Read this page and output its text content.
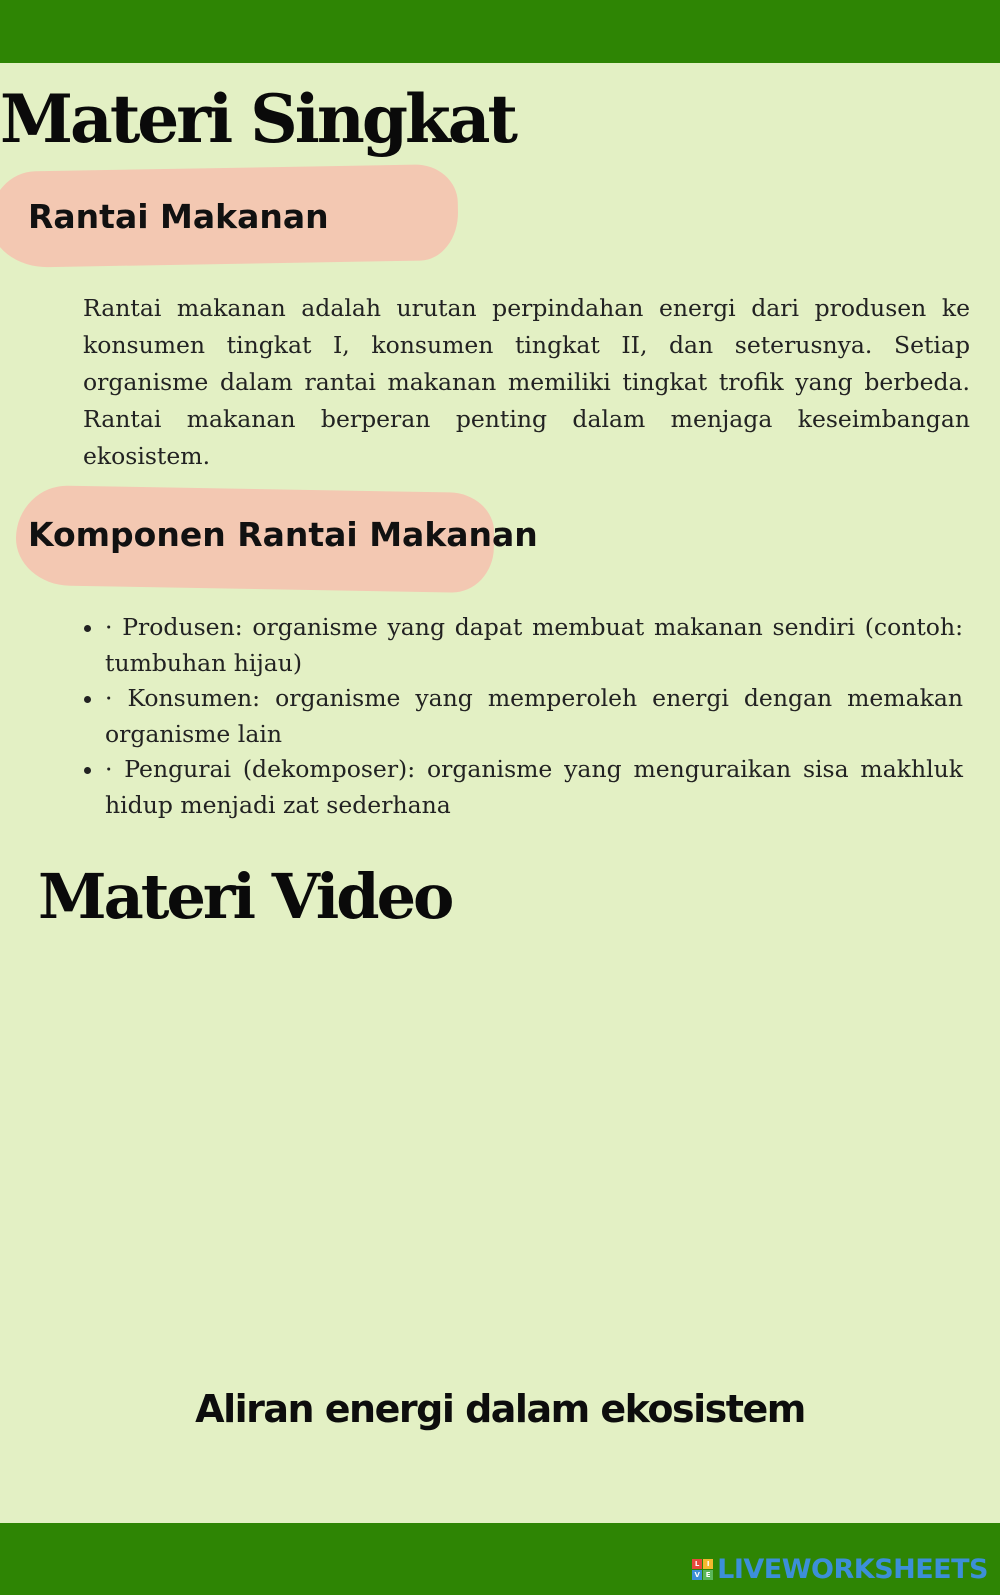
Materi Singkat
Rantai Makanan

Rantai makanan adalah urutan perpindahan energi dari produsen ke konsumen tingkat I, konsumen tingkat II, dan seterusnya. Setiap organisme dalam rantai makanan memiliki tingkat trofik yang berbeda. Rantai makanan berperan penting dalam menjaga keseimbangan ekosistem.

Komponen Rantai Makanan
• · Produsen: organisme yang dapat membuat makanan sendiri (contoh: tumbuhan hijau)
• · Konsumen: organisme yang memperoleh energi dengan memakan organisme lain
• · Pengurai (dekomposer): organisme yang menguraikan sisa makhluk hidup menjadi zat sederhana
Materi Video

Aliran energi dalam ekosistem

L	I
V E LIVEWORKSHEETS
